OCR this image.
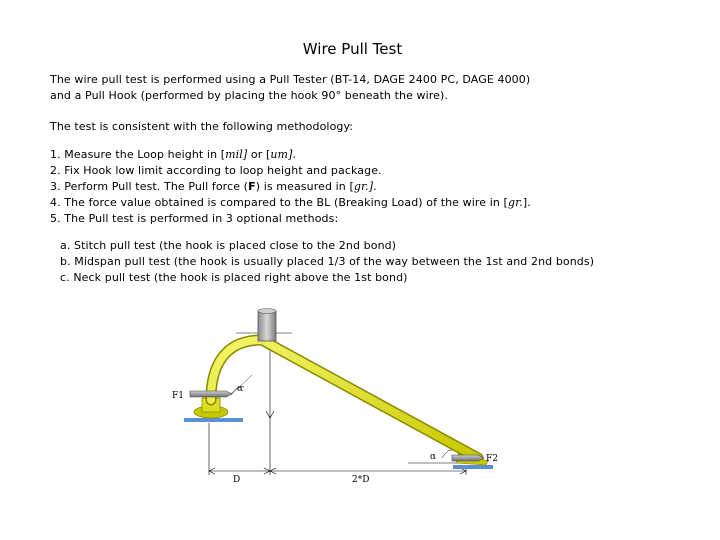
Wire Pull Test
The wire pull test is performed using a Pull Tester (BT-14, DAGE 2400 PC, DAGE 4000)
and a Pull Hook (performed by placing the hook 90° beneath the wire).
The test is consistent with the following methodology:
1. Measure the Loop height in [mil] or [um].
2. Fix Hook low limit according to loop height and package.
3. Perform Pull test. The Pull force (F) is measured in [gr.].
4. The force value obtained is compared to the BL (Breaking Load) of the wire in [gr.].
5. The Pull test is performed in 3 optional methods:
a. Stitch pull test (the hook is placed close to the 2nd bond)
b. Midspan pull test (the hook is usually placed 1/3 of the way between the 1st and 2nd bonds)
c. Neck pull test (the hook is placed right above the 1st bond)
F1
α
α	F2
D	2*D
